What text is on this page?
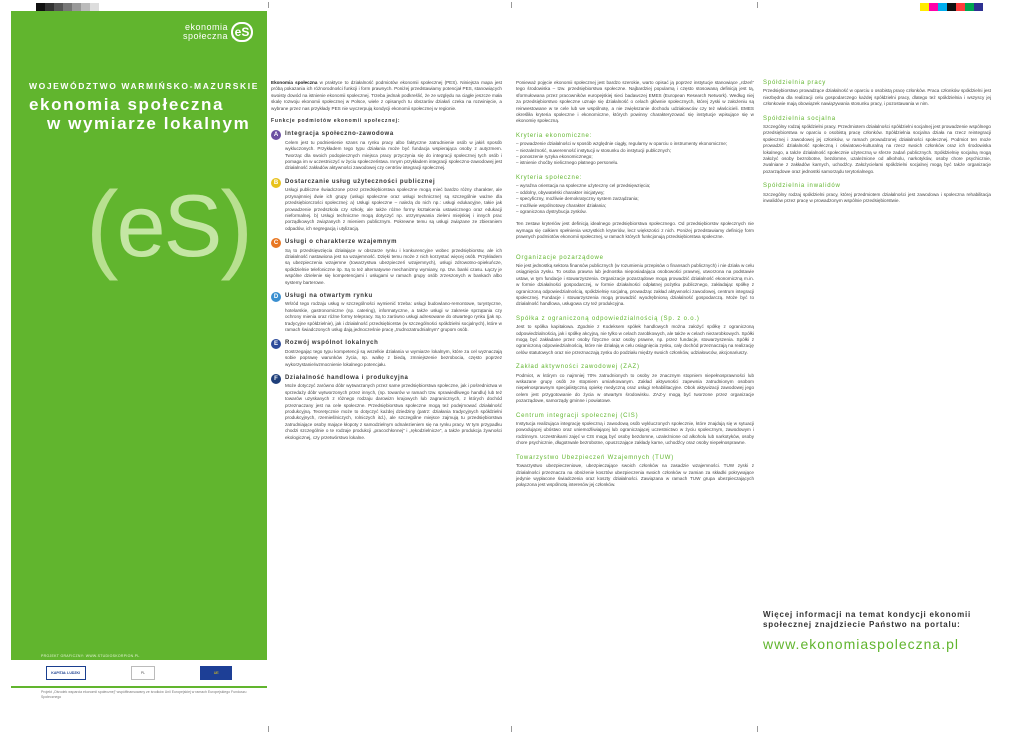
ekonomia
społeczna (eS)
WOJEWÓDZTWO WARMIŃSKO-MAZURSKIE
ekonomia społeczna
w wymiarze lokalnym
( eS )
PROJEKT GRAFICZNY: WWW.STUDIOSKORPION.PL
KAPITAŁ LUDZKI	PL	UE
Projekt „Ośrodek wsparcia ekonomii społecznej” współfinansowany ze środków Unii Europejskiej w ramach Europejskiego Funduszu Społecznego

Ekonomia społeczna w praktyce to działalność podmiotów ekonomii społecznej (PES). Niniejsza mapa jest próbą pokazania ich różnorodności funkcji i form prawnych. Poniżej przedstawiamy potencjał PES, stanowiących swoisty dowód na istnienie ekonomii społecznej. Trzeba jednak podkreślić, że ze względu na ciągłe jeszcze mała skalę rozwoju ekonomii społecznej w Polsce, wiele z opisanych tu obszarów działań czeka na rozwinięcie, a wybrane przez nas przykłady PES nie wyczerpują kondycji ekonomii społecznej w regionie.

Funkcje podmiotów ekonomii społecznej:
A	Integracja społeczno-zawodowa

Celem jest tu podniesienie szans na rynku pracy albo faktyczne zatrudnienie osób w jakiś sposób wykluczonych. Przykładem tego typu działania może być fundacja wspierająca osoby z autyzmem. Tworząc dla swoich podopiecznych miejsca pracy przyczynia się do integracji społecznej tych osób i pomaga im w uczestniczyć w życiu społeczeństwa. Innym przykładem integracji społeczno-zawodowej jest działalność zakładów aktywności zawodowej czy centrów integracji społecznej.

B	Dostarczanie usług użyteczności publicznej

Usługi publiczne świadczone przez przedsiębiorstwa społeczne mogą mieć bardzo różny charakter, ale przynajmniej dwie ich grupy (usługi społeczne oraz usługi techniczne) są szczególnie ważne dla przedsiębiorczości społecznej: a) Usługi społeczne – należą do nich np.: usługi edukacyjne, takie jak prowadzenie przedszkola czy szkoły, ale także różne formy kształcenia ustawicznego oraz edukacji nieformalnej. b) Usługi techniczne mogą dotyczyć np. utrzymywania zieleni miejskiej i innych prac porządkowych związanych z mieniem publicznym. Pokrewne temu są usługi związane ze zbieraniem odpadów, ich segregacją i utylizacją.

C	Usługi o charakterze wzajemnym

Są to przedsięwzięcia działające w obszarze rynku i konkurencyjne wobec przedsiębiorstw, ale ich działalność nastawiona jest na wzajemność. Dzięki temu może z nich korzystać więcej osób. Przykładem są ubezpieczenia wzajemne (towarzystwa ubezpieczeń wzajemnych), usługi zdrowotno-opiekuńcze, spółdzielnie telefoniczne itp. Są to też alternatywne mechanizmy wymiany, np. tzw. banki czasu. Łączy je wspólne dzielenie się kompetencjami i usługami w ramach grupy osób zrzeszonych w bankach albo systemy barterowe.

D	Usługi na otwartym rynku

Wśród tego rodzaju usług w szczególności wymienić trzeba: usługi budowlano-remontowe, turystyczne, hotelarskie, gastronomiczne (np. catering), informatyczne, a także usługi w zakresie sprzątania czy ochrony mienia oraz różne formy telepracy. Są to zarówno usługi adresowane do otwartego rynku (jak np. tradycyjne spółdzielnie), jak i działalność przedsiębiorstw (w szczególności spółdzielni socjalnych), które w ramach świadczonych usług dają jednocześnie pracę „trudnozatrudnialnym” grupom osób.

E	Rozwój wspólnot lokalnych

Dostrzegając tego typu kompetencji są wszelkie działania w wymiarze lokalnym, które za cel wyznaczają sobie poprawę warunków życia, np. walkę z biedą, zmniejszenie bezrobocia, często poprzez wykorzystanie/wzmocnienie lokalnego potencjału.

F	Działalność handlowa i produkcyjna

Może dotyczyć zarówno dóbr wytwarzanych przez same przedsiębiorstwa społeczne, jak i pośrednictwa w sprzedaży dóbr wytworzonych przez innych, (np. towarów w ramach tzw. sprawiedliwego handlu) lub też towarów uzyskanych z różnego rodzaju darowizn krajowych lub zagranicznych, z których dochód przeznaczany jest na cele społeczne. Przedsiębiorstwa społeczne mogą też podejmować działalność produkcyjną. Teoretycznie może to dotyczyć każdej dziedziny (patrz: działania tradycyjnych spółdzielni produkcyjnych, rzemieślniczych, rolniczych itd.), ale szczególne miejsce zajmują tu przedsiębiorstwa zatrudniające osoby mające kłopoty z samodzielnym odnalezieniem się na rynku pracy. W tym przypadku chodzi szczególnie o te rodzaje produkcji „pracochłonnej” i „rękodzielnicze”, a także produkcja żywności ekologicznej, czy przetwórstwo lokalne.

Ponieważ pojęcie ekonomii społecznej jest bardzo szerokie, warto opisać ją poprzez instytucje stanowiące „rdzeń” tego środowiska – tzw. przedsiębiorstwa społeczne. Najbardziej popularną i często stosowaną definicją jest tą, sformułowana przez pracowników europejskiej sieci badawczej EMES (European Research Network). Według niej za przedsiębiorstwo społeczne uznaje się działalność o celach głównie społecznych, której zyski w założeniu są reinwestowane w te cele lub we wspólnotę, a nie zwiększanie dochodu udziałowców czy też właścicieli. EMES określiła kryteria społeczne i ekonomiczne, których powinny charakteryzować się instytucje wpisujące się w ekonomię społeczną.

Kryteria ekonomiczne:
– prowadzenie działalności w sposób względnie ciągły, regularny w oparciu o instrumenty ekonomiczne;
– niezależność, suwerenność instytucji w stosunku do instytucji publicznych;
– ponoszenie ryzyka ekonomicznego;
– istnienie choćby nielicznego płatnego personelu.
Kryteria społeczne:
– wyraźna orientacja na społeczne użyteczny cel przedsięwzięcia;
– oddolny, obywatelski charakter inicjatywy;
– specyficzny, możliwie demokratyczny system zarządzania;
– możliwie wspólnotowy charakter działania;
– ograniczona dystrybucja zysków.

Ten zestaw kryteriów jest definicją idealnego przedsiębiorstwa społecznego. Od przedsiębiorstw społecznych nie wymaga się całkiem spełnienia wszystkich kryteriów, lecz większości z nich. Poniżej przedstawiamy definicję form prawnych podmiotów ekonomii społecznej, w ramach których funkcjonują przedsiębiorstwa społeczne.

Organizacje pozarządowe

Nie jest jednostką sektora finansów publicznych (w rozumieniu przepisów o finansach publicznych) i nie działa w celu osiągnięcia zysku. To osoba prawna lub jednostka nieposiadająca osobowości prawnej, utworzona na podstawie ustaw, w tym fundacje i stowarzyszenia. Organizacje pozarządowe mogą prowadzić działalność ekonomiczną m.in. w formie działalności gospodarczej, w formie działalności odpłatnej pożytku publicznego, zakładając spółkę z ograniczoną odpowiedzialnością, spółdzielnię socjalną, prowadząc zakład aktywności zawodowej, centrum integracji społecznej. Fundacje i stowarzyszenia mogą prowadzić wyodrębnioną działalność gospodarczą. Może być to działalność handlowa, usługowa czy też produkcyjna.

Spółka z ograniczoną odpowiedzialnością (Sp. z o.o.)

Jest to spółka kapitałowa. Zgodnie z Kodeksem spółek handlowych można założyć spółkę z ograniczoną odpowiedzialnością, jak i spółkę akcyjną, nie tylko w celach zarobkowych, ale także w celach niezarobkowych. Spółki mogą być zakładane przez osoby fizyczne oraz osoby prawne, np. przez fundacje, stowarzyszenia. Spółki z ograniczoną odpowiedzialnością, które nie działają w celu osiągnięcia zysku, cały dochód przeznaczają na realizację celów statutowych oraz nie przeznaczają zysku do podziału między swoich członków, udziałowców, akcjonariuszy.

Zakład aktywności zawodowej (ZAZ)

Podmiot, w którym co najmniej 70% zatrudnionych to osoby ze znacznym stopniem niepełnosprawności lub wskazane grupy osób ze stopniem umiarkowanym. Zakład aktywności zapewnia zatrudnionym osobom niepełnosprawnym specjalistyczną opiekę medyczną oraz usługi rehabilitacyjne. Obok aktywizacji zawodowej jego celem jest przygotowanie do życia w otwartym środowisku. ZAZ-y mogą być tworzone przez organizacje pozarządowe, samorządy gminne i powiatowe.

Centrum integracji społecznej (CIS)

Instytucja realizująca integrację społeczną i zawodową osób wykluczonych społecznie, które znajdują się w sytuacji powodującej ubóstwo oraz uniemożliwiającej lub ograniczającej uczestnictwo w życiu społecznym, zawodowym i rodzinnym. Uczestnikami zajęć w CIS mogą być osoby bezdomne, uzależnione od alkoholu lub narkotyków, osoby chore psychicznie, długotrwale bezrobotne, opuszczające zakłady karne, uchodźcy oraz osoby niepełnosprawne.

Towarzystwo Ubezpieczeń Wzajemnych (TUW)

Towarzystwo ubezpieczeniowe, ubezpieczające swoich członków na zasadzie wzajemności. TUW zyski z działalności przeznacza na obniżenie kosztów ubezpieczenia swoich członków w zamian za składki pokrywające jedynie wypłacone świadczenia oraz koszty działalności. Zawiązana w ramach TUW grupa ubezpieczających połączona jest wspólnotą interesów jej członków.

Spółdzielnia pracy

Przedsiębiorstwo prowadzące działalność w oparciu o osobistą pracę członków. Praca członków spółdzielni jest niezbędna dla realizacji celu gospodarczego każdej spółdzielni pracy, dlatego też spółdzielnia i wszyscy jej członkowie mają obowiązek nawiązywania stosunku pracy, i pozostawania w nim.

Spółdzielnia socjalna

Szczególny rodzaj spółdzielni pracy. Przedmiotem działalności spółdzielni socjalnej jest prowadzenie wspólnego przedsiębiorstwa w oparciu o osobistą pracę członków. Spółdzielnia socjalna działa na rzecz reintegracji społecznej i zawodowej jej członków, w ramach prowadzonej działalności społecznej. Podmiot ten może prowadzić działalność społeczną i oświatowo-kulturalną na rzecz swoich członków oraz ich środowiska lokalnego, a także działalność społecznie użyteczną w sferze zadań publicznych. Spółdzielnię socjalną mogą założyć osoby bezrobotne, bezdomne, uzależnione od alkoholu, narkotyków, osoby chore psychicznie, zwalniane z zakładów karnych, uchodźcy. Założycielami spółdzielni socjalnej mogą być także organizacje pozarządowe oraz jednostki samorządu terytorialnego.

Spółdzielnia inwalidów

Szczególny rodzaj spółdzielni pracy, której przedmiotem działalności jest zawodowa i społeczna rehabilitacja inwalidów przez pracę w prowadzonym wspólnie przedsiębiorstwie.

Więcej informacji na temat kondycji ekonomii
społecznej znajdziecie Państwo na portalu:
www.ekonomiaspoleczna.pl
